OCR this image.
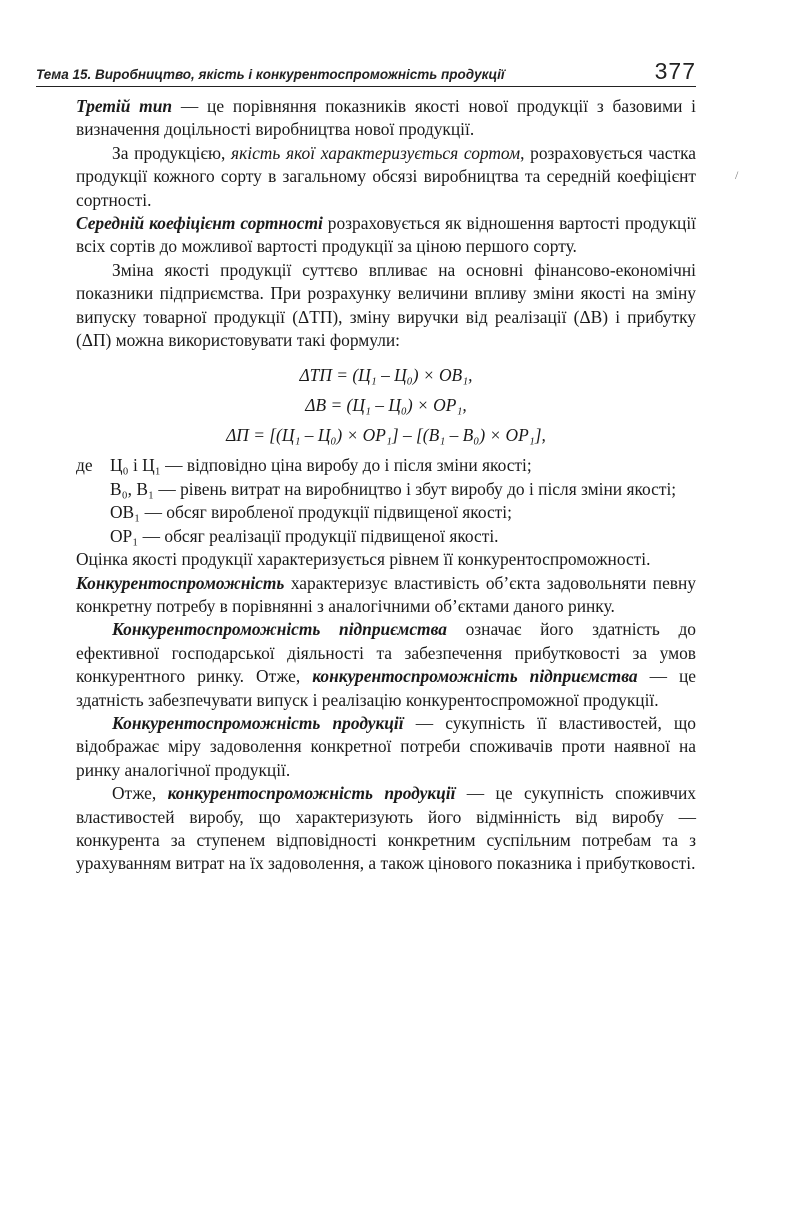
Тема 15. Виробництво, якість і конкурентоспроможність продукції	377
/

Третій тип — це порівняння показників якості нової продукції з базовими і визначення доцільності виробництва нової продукції.

За продукцією, якість якої характеризується сортом, розраховується частка продукції кожного сорту в загальному обсязі виробництва та середній коефіцієнт сортності.

Середній коефіцієнт сортності розраховується як відношення вартості продукції всіх сортів до можливої вартості продукції за ціною першого сорту.

Зміна якості продукції суттєво впливає на основні фінансово-економічні показники підприємства. При розрахунку величини впливу зміни якості на зміну випуску товарної продукції (ΔТП), зміну виручки від реалізації (ΔВ) і прибутку (ΔП) можна використовувати такі формули:

ΔТП = (Ц₁ – Ц₀) × ОВ₁,

ΔВ = (Ц₁ – Ц₀) × ОР₁,

ΔП = [(Ц₁ – Ц₀) × ОР₁] – [(В₁ – В₀) × ОР₁],

де Ц₀ і Ц₁ — відповідно ціна виробу до і після зміни якості;

В₀, В₁ — рівень витрат на виробництво і збут виробу до і після зміни якості;

ОВ₁ — обсяг виробленої продукції підвищеної якості;

ОР₁ — обсяг реалізації продукції підвищеної якості.

Оцінка якості продукції характеризується рівнем її конкурентоспроможності.

Конкурентоспроможність характеризує властивість об’єкта задовольняти певну конкретну потребу в порівнянні з аналогічними об’єктами даного ринку.

Конкурентоспроможність підприємства означає його здатність до ефективної господарської діяльності та забезпечення прибутковості за умов конкурентного ринку. Отже, конкурентоспроможність підприємства — це здатність забезпечувати випуск і реалізацію конкурентоспроможної продукції.

Конкурентоспроможність продукції — сукупність її властивостей, що відображає міру задоволення конкретної потреби споживачів проти наявної на ринку аналогічної продукції.

Отже, конкурентоспроможність продукції — це сукупність споживчих властивостей виробу, що характеризують його відмінність від виробу — конкурента за ступенем відповідності конкретним суспільним потребам та з урахуванням витрат на їх задоволення, а також цінового показника і прибутковості.
